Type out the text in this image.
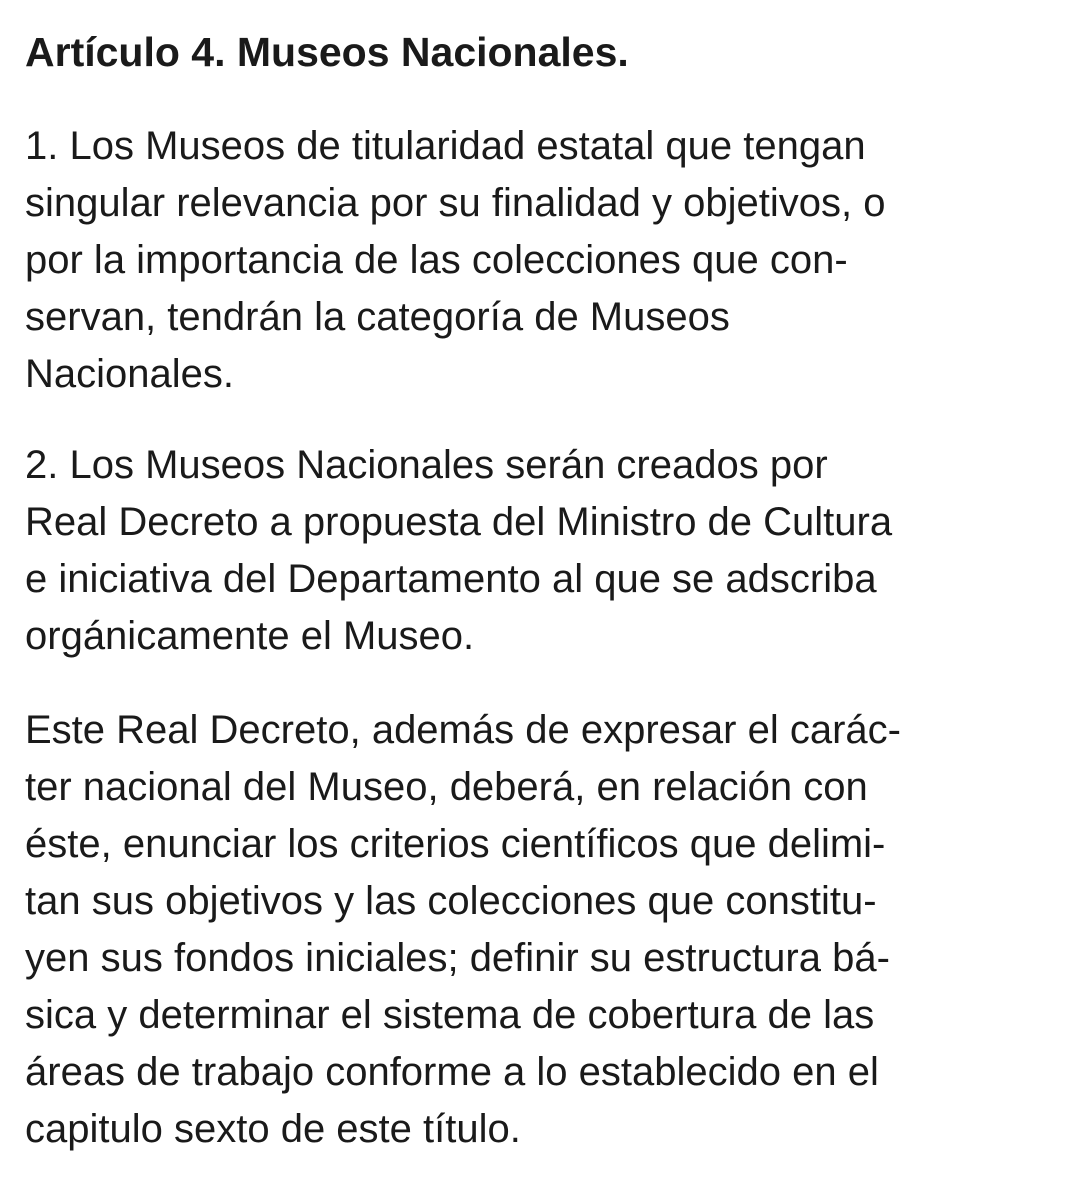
Artículo 4. Museos Nacionales.
1. Los Museos de titularidad estatal que tengan
singular relevancia por su finalidad y objetivos, o
por la importancia de las colecciones que con-
servan, tendrán la categoría de Museos
Nacionales.
2. Los Museos Nacionales serán creados por
Real Decreto a propuesta del Ministro de Cultura
e iniciativa del Departamento al que se adscriba
orgánicamente el Museo.
Este Real Decreto, además de expresar el carác-
ter nacional del Museo, deberá, en relación con
éste, enunciar los criterios científicos que delimi-
tan sus objetivos y las colecciones que constitu-
yen sus fondos iniciales; definir su estructura bá-
sica y determinar el sistema de cobertura de las
áreas de trabajo conforme a lo establecido en el
capitulo sexto de este título.
